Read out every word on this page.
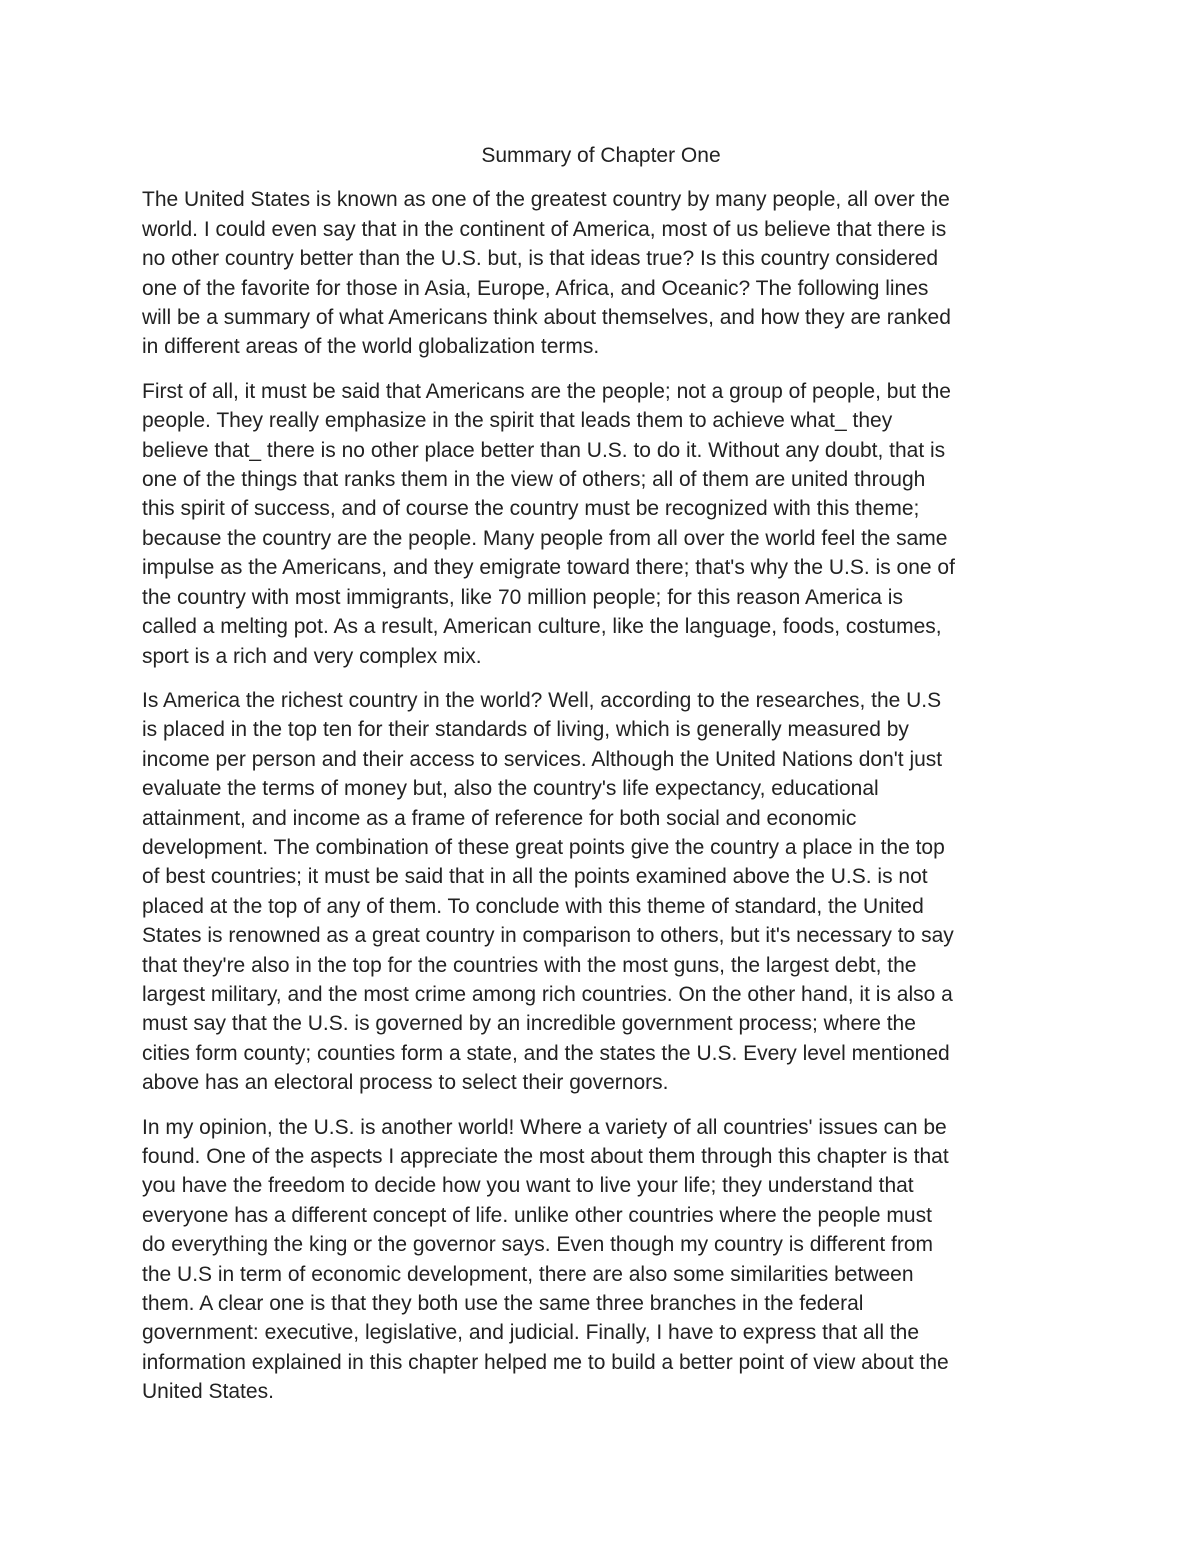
Summary of Chapter One

The United States is known as one of the greatest country by many people, all over the
world. I could even say that in the continent of America, most of us believe that there is
no other country better than the U.S. but, is that ideas true? Is this country considered
one of the favorite for those in Asia, Europe, Africa, and Oceanic? The following lines
will be a summary of what Americans think about themselves, and how they are ranked
in different areas of the world globalization terms.

First of all, it must be said that Americans are the people; not a group of people, but the
people. They really emphasize in the spirit that leads them to achieve what_ they
believe that_ there is no other place better than U.S. to do it. Without any doubt, that is
one of the things that ranks them in the view of others; all of them are united through
this spirit of success, and of course the country must be recognized with this theme;
because the country are the people. Many people from all over the world feel the same
impulse as the Americans, and they emigrate toward there; that's why the U.S. is one of
the country with most immigrants, like 70 million people; for this reason America is
called a melting pot. As a result, American culture, like the language, foods, costumes,
sport is a rich and very complex mix.

Is America the richest country in the world? Well, according to the researches, the U.S
is placed in the top ten for their standards of living, which is generally measured by
income per person and their access to services. Although the United Nations don't just
evaluate the terms of money but, also the country's life expectancy, educational
attainment, and income as a frame of reference for both social and economic
development. The combination of these great points give the country a place in the top
of best countries; it must be said that in all the points examined above the U.S. is not
placed at the top of any of them. To conclude with this theme of standard, the United
States is renowned as a great country in comparison to others, but it's necessary to say
that they're also in the top for the countries with the most guns, the largest debt, the
largest military, and the most crime among rich countries. On the other hand, it is also a
must say that the U.S. is governed by an incredible government process; where the
cities form county; counties form a state, and the states the U.S. Every level mentioned
above has an electoral process to select their governors.

In my opinion, the U.S. is another world! Where a variety of all countries' issues can be
found. One of the aspects I appreciate the most about them through this chapter is that
you have the freedom to decide how you want to live your life; they understand that
everyone has a different concept of life. unlike other countries where the people must
do everything the king or the governor says. Even though my country is different from
the U.S in term of economic development, there are also some similarities between
them. A clear one is that they both use the same three branches in the federal
government: executive, legislative, and judicial. Finally, I have to express that all the
information explained in this chapter helped me to build a better point of view about the
United States.
